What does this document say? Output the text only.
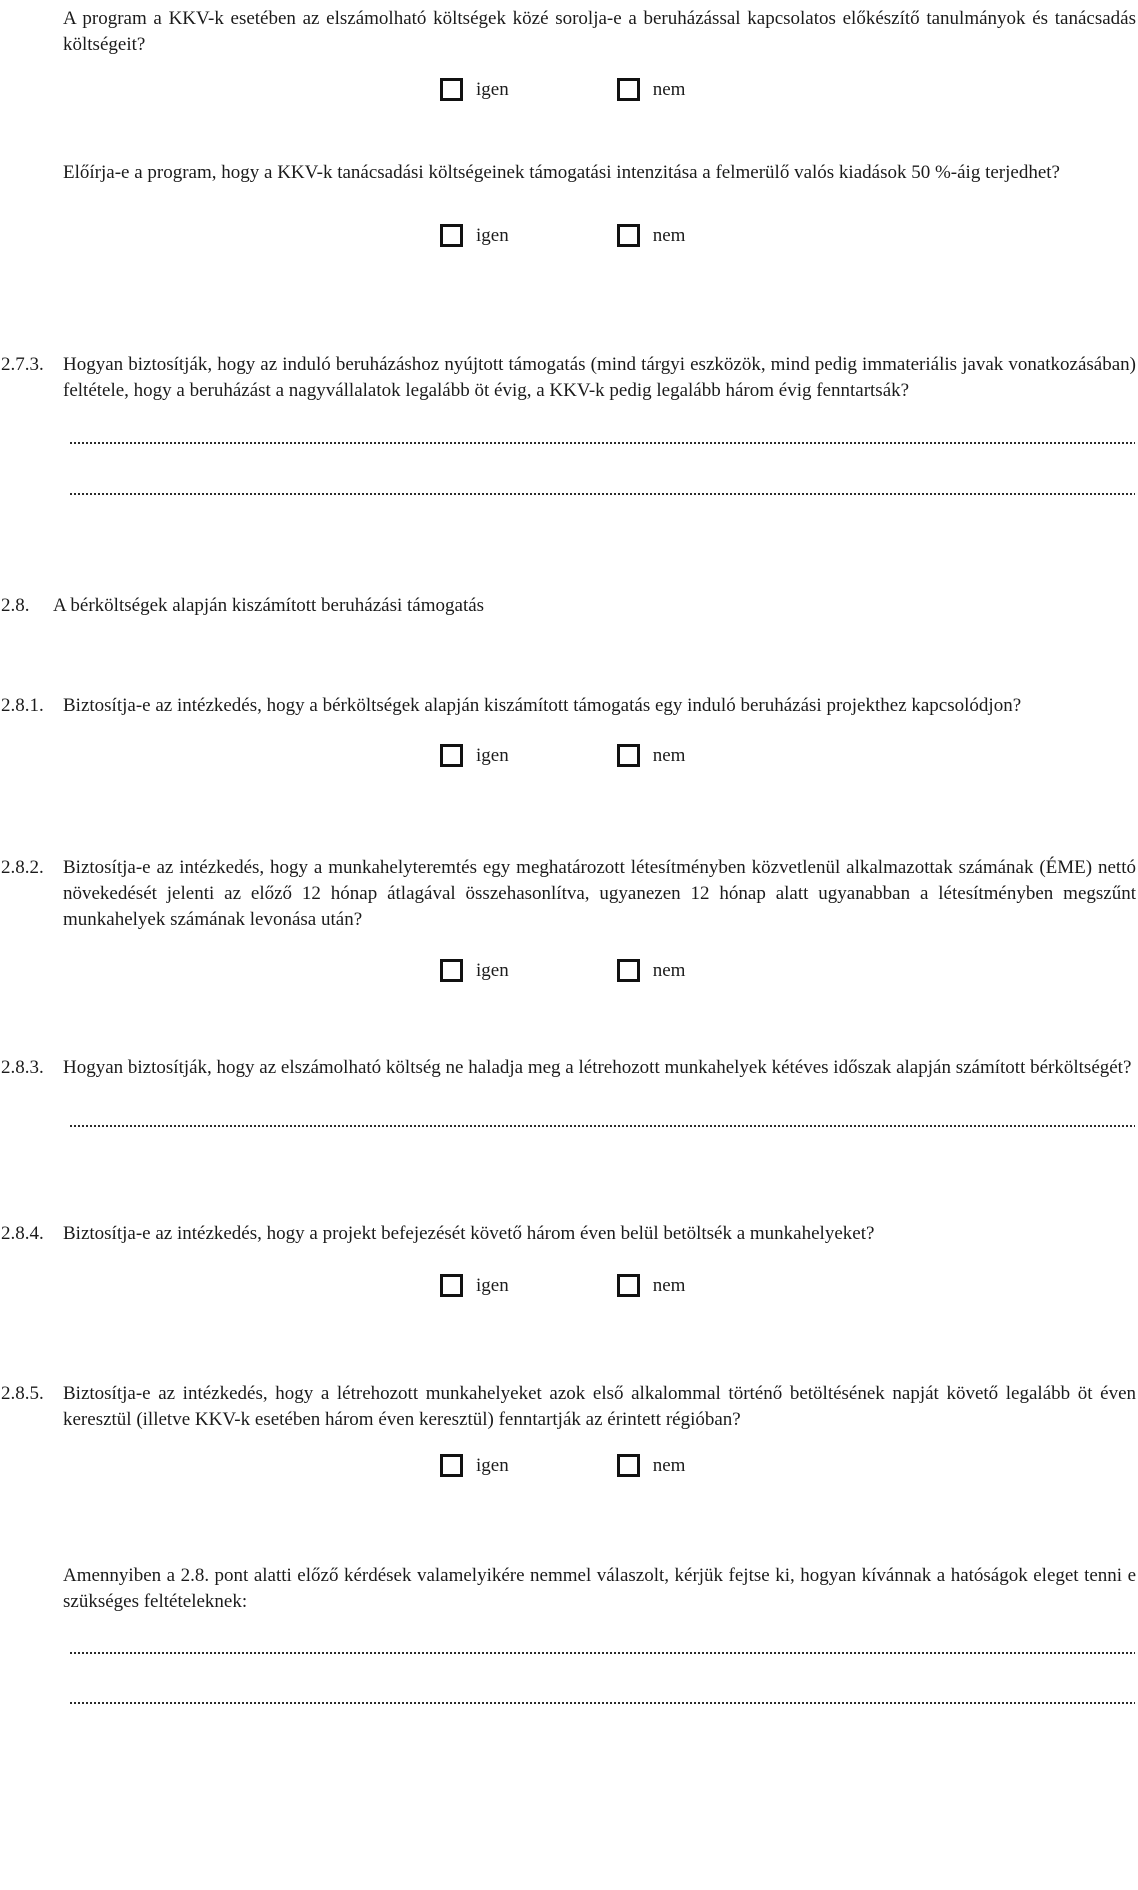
A program a KKV-k esetében az elszámolható költségek közé sorolja-e a beruházással kapcsolatos előkészítő tanulmányok és tanácsadás költségeit?

igen	nem

Előírja-e a program, hogy a KKV-k tanácsadási költségeinek támogatási intenzitása a felmerülő valós kiadások 50 %-áig terjedhet?

igen	nem
2.7.3. Hogyan biztosítják, hogy az induló beruházáshoz nyújtott támogatás (mind tárgyi eszközök, mind pedig immateriális javak vonatkozásában) feltétele, hogy a beruházást a nagyvállalatok legalább öt évig, a KKV-k pedig legalább három évig fenntartsák?

2.8. A bérköltségek alapján kiszámított beruházási támogatás

2.8.1. Biztosítja-e az intézkedés, hogy a bérköltségek alapján kiszámított támogatás egy induló beruházási projekthez kapcsolódjon?

igen	nem
2.8.2. Biztosítja-e az intézkedés, hogy a munkahelyteremtés egy meghatározott létesítményben közvetlenül alkalmazottak számának (ÉME) nettó növekedését jelenti az előző 12 hónap átlagával összehasonlítva, ugyanezen 12 hónap alatt ugyanabban a létesítményben megszűnt munkahelyek számának levonása után?

igen	nem
2.8.3. Hogyan biztosítják, hogy az elszámolható költség ne haladja meg a létrehozott munkahelyek kétéves időszak alapján számított bérköltségét?

2.8.4. Biztosítja-e az intézkedés, hogy a projekt befejezését követő három éven belül betöltsék a munkahelyeket?

igen	nem
2.8.5. Biztosítja-e az intézkedés, hogy a létrehozott munkahelyeket azok első alkalommal történő betöltésének napját követő legalább öt éven keresztül (illetve KKV-k esetében három éven keresztül) fenntartják az érintett régióban?

igen	nem

Amennyiben a 2.8. pont alatti előző kérdések valamelyikére nemmel válaszolt, kérjük fejtse ki, hogyan kívánnak a hatóságok eleget tenni e szükséges feltételeknek:
